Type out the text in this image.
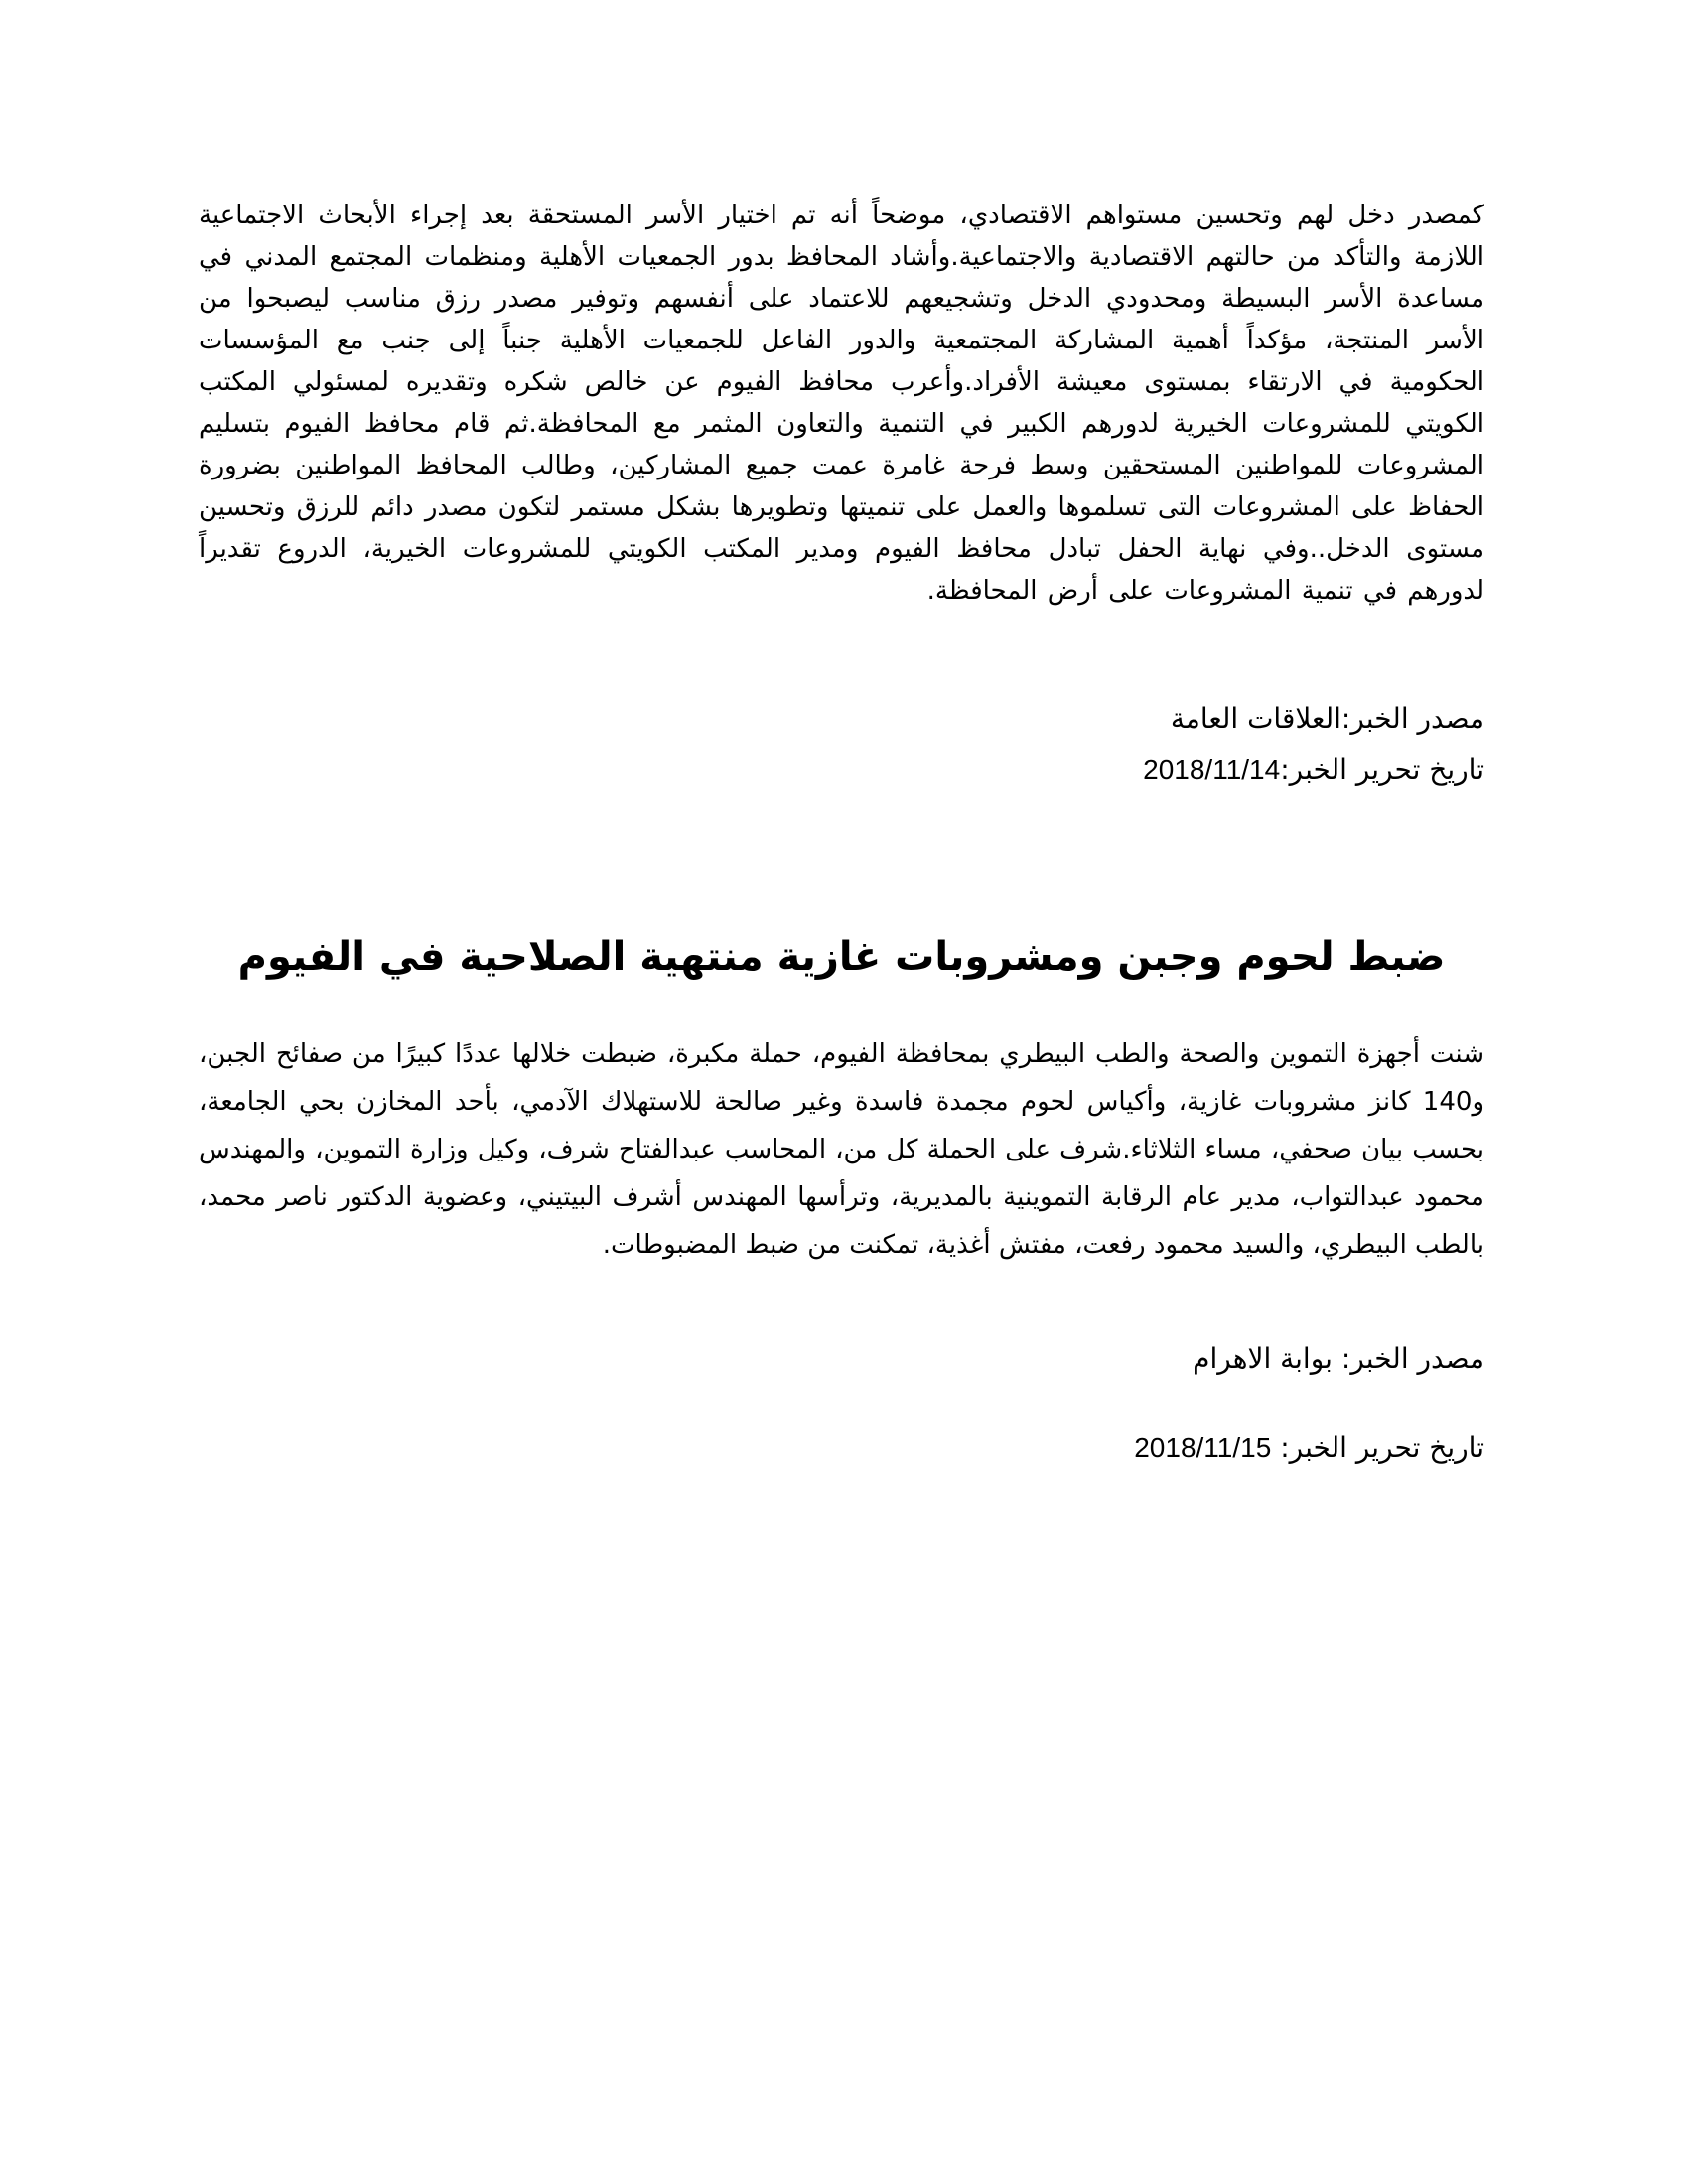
كمصدر دخل لهم وتحسين مستواهم الاقتصادي، موضحاً أنه تم اختيار الأسر المستحقة بعد إجراء الأبحاث الاجتماعية اللازمة والتأكد من حالتهم الاقتصادية والاجتماعية.وأشاد المحافظ بدور الجمعيات الأهلية ومنظمات المجتمع المدني في مساعدة الأسر البسيطة ومحدودي الدخل وتشجيعهم للاعتماد على أنفسهم وتوفير مصدر رزق مناسب ليصبحوا من الأسر المنتجة، مؤكداً أهمية المشاركة المجتمعية والدور الفاعل للجمعيات الأهلية جنباً إلى جنب مع المؤسسات الحكومية في الارتقاء بمستوى معيشة الأفراد.وأعرب محافظ الفيوم عن خالص شكره وتقديره لمسئولي المكتب الكويتي للمشروعات الخيرية لدورهم الكبير في التنمية والتعاون المثمر مع المحافظة.ثم قام محافظ الفيوم بتسليم المشروعات للمواطنين المستحقين وسط فرحة غامرة عمت جميع المشاركين، وطالب المحافظ المواطنين بضرورة الحفاظ على المشروعات التى تسلموها والعمل على تنميتها وتطويرها بشكل مستمر لتكون مصدر دائم للرزق وتحسين مستوى الدخل..وفي نهاية الحفل تبادل محافظ الفيوم ومدير المكتب الكويتي للمشروعات الخيرية، الدروع تقديراً لدورهم في تنمية المشروعات على أرض المحافظة.
مصدر الخبر:العلاقات العامة
تاريخ تحرير الخبر:2018/11/14
ضبط لحوم وجبن ومشروبات غازية منتهية الصلاحية في الفيوم
شنت أجهزة التموين والصحة والطب البيطري بمحافظة الفيوم، حملة مكبرة، ضبطت خلالها عددًا كبيرًا من صفائح الجبن، و140 كانز مشروبات غازية، وأكياس لحوم مجمدة فاسدة وغير صالحة للاستهلاك الآدمي، بأحد المخازن بحي الجامعة، بحسب بيان صحفي، مساء الثلاثاء.شرف على الحملة كل من، المحاسب عبدالفتاح شرف، وكيل وزارة التموين، والمهندس محمود عبدالتواب، مدير عام الرقابة التموينية بالمديرية، وترأسها المهندس أشرف البيتيني، وعضوية الدكتور ناصر محمد، بالطب البيطري، والسيد محمود رفعت، مفتش أغذية، تمكنت من ضبط المضبوطات.
مصدر الخبر: بوابة الاهرام
تاريخ تحرير الخبر: 2018/11/15
